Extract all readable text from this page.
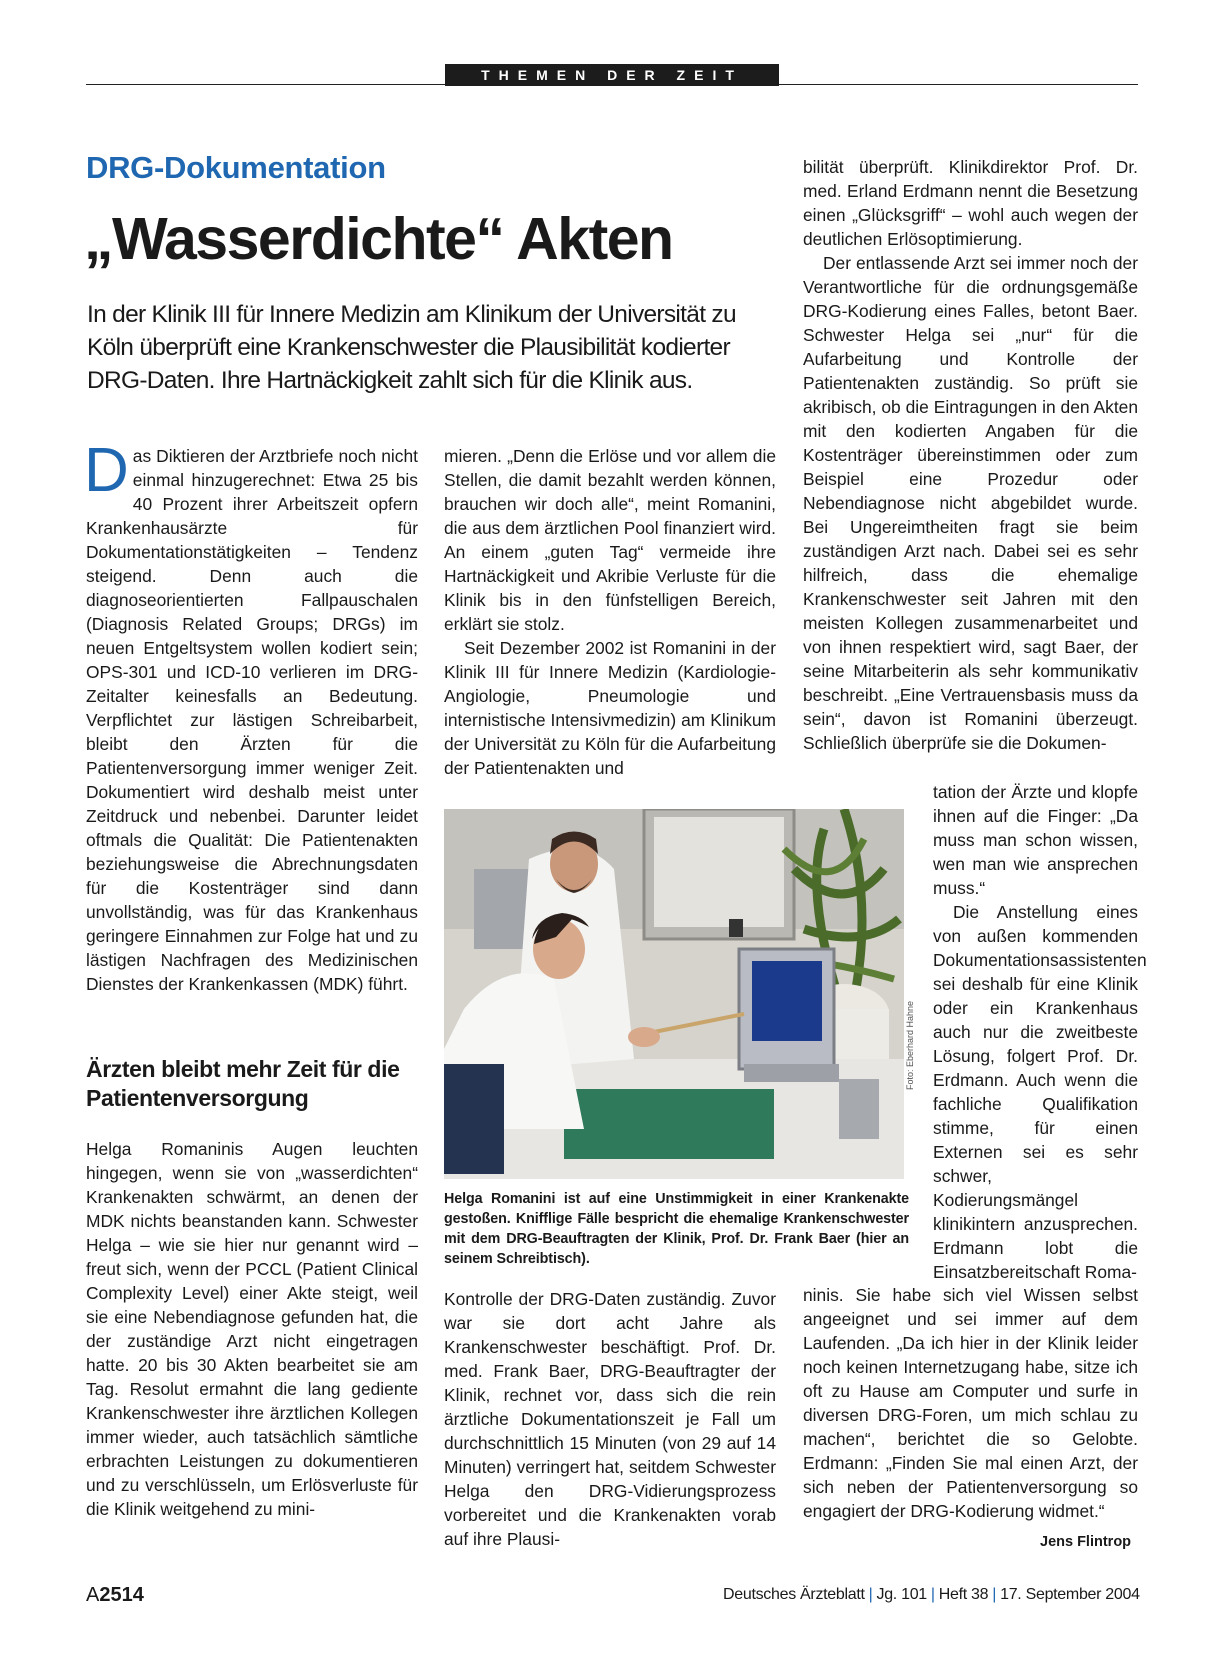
THEMEN DER ZEIT
DRG-Dokumentation
„Wasserdichte“ Akten
In der Klinik III für Innere Medizin am Klinikum der Universität zu Köln überprüft eine Krankenschwester die Plausibilität kodierter DRG-Daten. Ihre Hartnäckigkeit zahlt sich für die Klinik aus.

Das Diktieren der Arztbriefe noch nicht einmal hinzugerechnet: Etwa 25 bis 40 Prozent ihrer Arbeitszeit opfern Krankenhausärzte für Dokumentationstätigkeiten – Tendenz steigend. Denn auch die diagnoseorientierten Fallpauschalen (Diagnosis Related Groups; DRGs) im neuen Entgeltsystem wollen kodiert sein; OPS-301 und ICD-10 verlieren im DRG-Zeitalter keinesfalls an Bedeutung. Verpflichtet zur lästigen Schreibarbeit, bleibt den Ärzten für die Patientenversorgung immer weniger Zeit. Dokumentiert wird deshalb meist unter Zeitdruck und nebenbei. Darunter leidet oftmals die Qualität: Die Patientenakten beziehungsweise die Abrechnungsdaten für die Kostenträger sind dann unvollständig, was für das Krankenhaus geringere Einnahmen zur Folge hat und zu lästigen Nachfragen des Medizinischen Dienstes der Krankenkassen (MDK) führt.

Ärzten bleibt mehr Zeit für die Patientenversorgung

Helga Romaninis Augen leuchten hingegen, wenn sie von „wasserdichten“ Krankenakten schwärmt, an denen der MDK nichts beanstanden kann. Schwester Helga – wie sie hier nur genannt wird – freut sich, wenn der PCCL (Patient Clinical Complexity Level) einer Akte steigt, weil sie eine Nebendiagnose gefunden hat, die der zuständige Arzt nicht eingetragen hatte. 20 bis 30 Akten bearbeitet sie am Tag. Resolut ermahnt die lang gediente Krankenschwester ihre ärztlichen Kollegen immer wieder, auch tatsächlich sämtliche erbrachten Leistungen zu dokumentieren und zu verschlüsseln, um Erlösverluste für die Klinik weitgehend zu mini-

mieren. „Denn die Erlöse und vor allem die Stellen, die damit bezahlt werden können, brauchen wir doch alle“, meint Romanini, die aus dem ärztlichen Pool finanziert wird. An einem „guten Tag“ vermeide ihre Hartnäckigkeit und Akribie Verluste für die Klinik bis in den fünfstelligen Bereich, erklärt sie stolz.

Seit Dezember 2002 ist Romanini in der Klinik III für Innere Medizin (Kardiologie-Angiologie, Pneumologie und internistische Intensivmedizin) am Klinikum der Universität zu Köln für die Aufarbeitung der Patientenakten und

Foto: Eberhard Hahne
Helga Romanini ist auf eine Unstimmigkeit in einer Krankenakte gestoßen. Knifflige Fälle bespricht die ehemalige Krankenschwester mit dem DRG-Beauftragten der Klinik, Prof. Dr. Frank Baer (hier an seinem Schreibtisch).

Kontrolle der DRG-Daten zuständig. Zuvor war sie dort acht Jahre als Krankenschwester beschäftigt. Prof. Dr. med. Frank Baer, DRG-Beauftragter der Klinik, rechnet vor, dass sich die rein ärztliche Dokumentationszeit je Fall um durchschnittlich 15 Minuten (von 29 auf 14 Minuten) verringert hat, seitdem Schwester Helga den DRG-Vidierungsprozess vorbereitet und die Krankenakten vorab auf ihre Plausi-

bilität überprüft. Klinikdirektor Prof. Dr. med. Erland Erdmann nennt die Besetzung einen „Glücksgriff“ – wohl auch wegen der deutlichen Erlösoptimierung.

Der entlassende Arzt sei immer noch der Verantwortliche für die ordnungsgemäße DRG-Kodierung eines Falles, betont Baer. Schwester Helga sei „nur“ für die Aufarbeitung und Kontrolle der Patientenakten zuständig. So prüft sie akribisch, ob die Eintragungen in den Akten mit den kodierten Angaben für die Kostenträger übereinstimmen oder zum Beispiel eine Prozedur oder Nebendiagnose nicht abgebildet wurde. Bei Ungereimtheiten fragt sie beim zuständigen Arzt nach. Dabei sei es sehr hilfreich, dass die ehemalige Krankenschwester seit Jahren mit den meisten Kollegen zusammenarbeitet und von ihnen respektiert wird, sagt Baer, der seine Mitarbeiterin als sehr kommunikativ beschreibt. „Eine Vertrauensbasis muss da sein“, davon ist Romanini überzeugt. Schließlich überprüfe sie die Dokumen-

tation der Ärzte und klopfe ihnen auf die Finger: „Da muss man schon wissen, wen man wie ansprechen muss.“

Die Anstellung eines von außen kommenden Dokumentationsassistenten sei deshalb für eine Klinik oder ein Krankenhaus auch nur die zweitbeste Lösung, folgert Prof. Dr. Erdmann. Auch wenn die fachliche Qualifikation stimme, für einen Externen sei es sehr schwer, Kodierungsmängel klinikintern anzusprechen. Erdmann lobt die Einsatzbereitschaft Roma-

ninis. Sie habe sich viel Wissen selbst angeeignet und sei immer auf dem Laufenden. „Da ich hier in der Klinik leider noch keinen Internetzugang habe, sitze ich oft zu Hause am Computer und surfe in diversen DRG-Foren, um mich schlau zu machen“, berichtet die so Gelobte. Erdmann: „Finden Sie mal einen Arzt, der sich neben der Patientenversorgung so engagiert der DRG-Kodierung widmet.“

Jens Flintrop
A2514	Deutsches Ärzteblatt | Jg. 101 | Heft 38 | 17. September 2004
